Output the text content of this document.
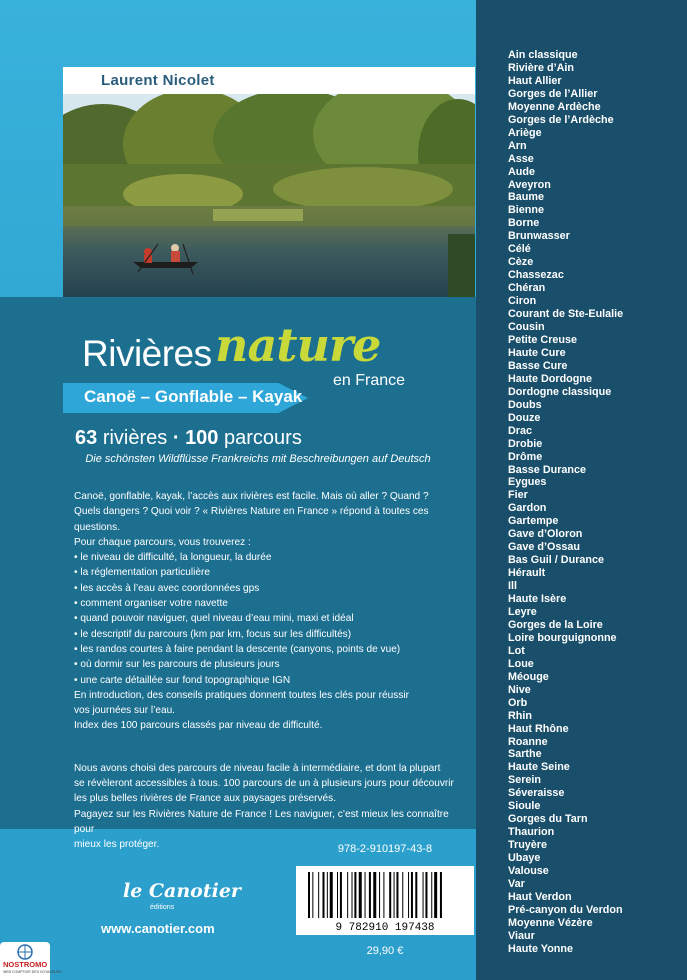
Laurent Nicolet
Rivières nature
en France
Canoë – Gonflable – Kayak
63 rivières · 100 parcours
Die schönsten Wildflüsse Frankreichs mit Beschreibungen auf Deutsch

Canoë, gonflable, kayak, l’accès aux rivières est facile. Mais où aller ? Quand ?

Quels dangers ? Quoi voir ? « Rivières Nature en France » répond à toutes ces questions.

Pour chaque parcours, vous trouverez :

• le niveau de difficulté, la longueur, la durée

• la réglementation particulière

• les accès à l’eau avec coordonnées gps

• comment organiser votre navette

• quand pouvoir naviguer, quel niveau d’eau mini, maxi et idéal

• le descriptif du parcours (km par km, focus sur les difficultés)

• les randos courtes à faire pendant la descente (canyons, points de vue)

• où dormir sur les parcours de plusieurs jours

• une carte détaillée sur fond topographique IGN

En introduction, des conseils pratiques donnent toutes les clés pour réussir

vos journées sur l’eau.

Index des 100 parcours classés par niveau de difficulté.

Nous avons choisi des parcours de niveau facile à intermédiaire, et dont la plupart

se révèleront accessibles à tous. 100 parcours de un à plusieurs jours pour découvrir

les plus belles rivières de France aux paysages préservés.

Pagayez sur les Rivières Nature de France ! Les naviguer, c’est mieux les connaître pour

mieux les protéger.	978-2-910197-43-8
9 782910 197438
29,90 €
le Canotier
éditions
www.canotier.com
NOSTROMO
WEB COMPTOIR DES VOYAGEURS
Ain classique
Rivière d’Ain
Haut Allier
Gorges de l’Allier
Moyenne Ardèche
Gorges de l’Ardèche
Ariège
Arn
Asse
Aude
Aveyron
Baume
Bienne
Borne
Brunwasser
Célé
Cèze
Chassezac
Chéran
Ciron
Courant de Ste-Eulalie
Cousin
Petite Creuse
Haute Cure
Basse Cure
Haute Dordogne
Dordogne classique
Doubs
Douze
Drac
Drobie
Drôme
Basse Durance
Eygues
Fier
Gardon
Gartempe
Gave d’Oloron
Gave d’Ossau
Bas Guil / Durance
Hérault
Ill
Haute Isère
Leyre
Gorges de la Loire
Loire bourguignonne
Lot
Loue
Méouge
Nive
Orb
Rhin
Haut Rhône
Roanne
Sarthe
Haute Seine
Serein
Séveraisse
Sioule
Gorges du Tarn
Thaurion
Truyère
Ubaye
Valouse
Var
Haut Verdon
Pré-canyon du Verdon
Moyenne Vézère
Viaur
Haute Yonne
